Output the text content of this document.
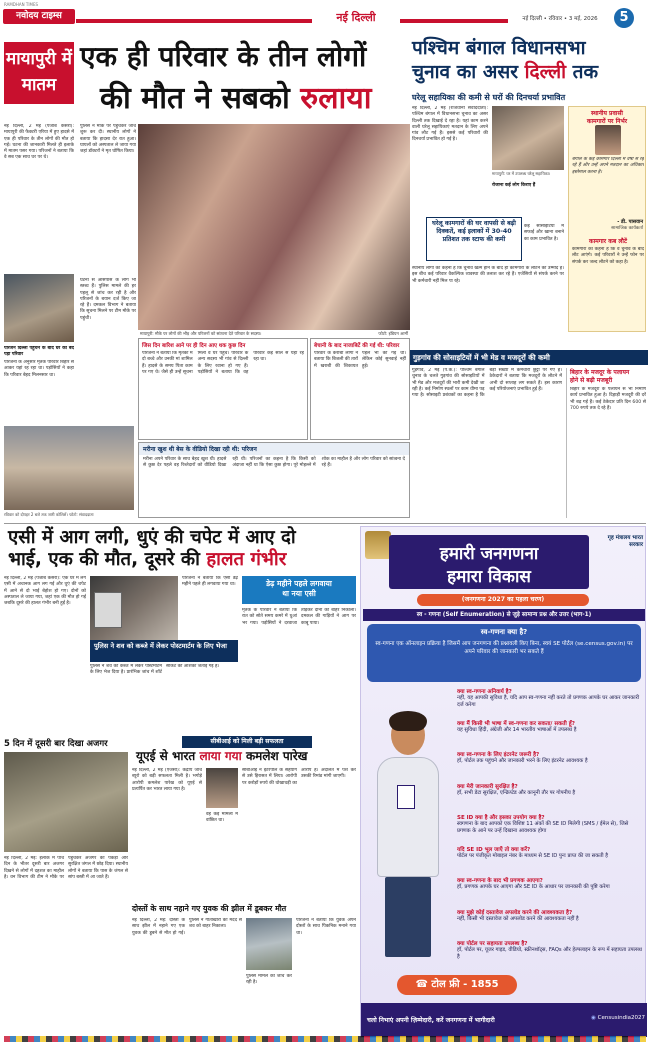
RAMDHAN TIMES
नवोदय टाइम्स	नई दिल्ली	नई दिल्ली • रविवार • 3 मई, 2026	5
मायापुरी में मातम
एक ही परिवार के तीन लोगों
की मौत ने सबको रुलाया
नई दिल्ली, 2 मई (पंजाब केसरी): मायापुरी की फैक्टरी एरिया में हुए हादसे में एक ही परिवार के तीन लोगों की मौत हो गई। घटना की जानकारी मिलते ही इलाके में मातम पसर गया। परिजनों ने बताया कि वे सब एक साथ घर पर थे।
पुलिस ने मौके पर पहुंचकर जांच शुरू कर दी। स्थानीय लोगों ने बताया कि हादसा देर रात हुआ। घायलों को अस्पताल ले जाया गया जहां डॉक्टरों ने मृत घोषित किया।
परिजन दिल्ली पहुंचने के बाद घर का बंद पड़ा परिवार
परिजनों के अनुसार मृतक परिवार बिहार से आकर यहां रह रहा था। पड़ोसियों ने कहा कि परिवार बेहद मिलनसार था।
मायापुरी: मौके पर लोगों की भीड़ और परिजनों को सांत्वना देते परिवार के सदस्य।	फोटो: इंडियन आर्मी
घटना से आसपास के लोग भी स्तब्ध हैं। पुलिस मामले की हर पहलू से जांच कर रही है और परिजनों के बयान दर्ज किए जा रहे हैं। दमकल विभाग ने बताया कि सूचना मिलने पर टीम मौके पर पहुंची।
जिस दिन बारिश आने पर ही दिन आए थक कुछ दिन
परिजनों ने बताया कि मृतकों में दो बच्चे और उनकी मां शामिल हैं। हादसे के समय पिता काम पर गए थे। जैसे ही उन्हें सूचना मिली वे घर पहुंचे। परिवार के अन्य सदस्य भी गांव से दिल्ली के लिए रवाना हो गए हैं। पड़ोसियों ने बताया कि वह परिवार कई साल से यहां रह रहा था।
बेचानी के बाद नाजाबिटें की गई थी: परिवार
परिवार के करीबी लोगों ने बताया कि बिजली की तारों में खराबी की शिकायत पहले भी की गई थी। लेकिन कोई सुनवाई नहीं हुई।
मरीना खुश थी बेस के वीडियो दिखा रही थी: परिजन
मरीना अपने परिवार के साथ बेहद खुश थी। हादसे से कुछ देर पहले वह रिश्तेदारों को वीडियो दिखा रही थी। परिजनों का कहना है कि किसी को अंदाजा नहीं था कि ऐसा कुछ होगा। पूरे मोहल्ले में शोक का माहौल है और लोग परिवार को सांत्वना दे रहे हैं।
रविवार को दोपहर 2 बजे तक जारी कोशिशें। फोटो: संवाददाता
पश्चिम बंगाल विधानसभा
चुनाव का असर दिल्ली तक
घरेलू सहायिका की कमी से घरों की दिनचर्या प्रभावित
नई दिल्ली, 2 मई (राजधानी संवाददाता): पश्चिम बंगाल में विधानसभा चुनाव का असर दिल्ली तक दिखाई दे रहा है। यहां काम करने वाली घरेलू सहायिकाएं मतदान के लिए अपने गांव लौट गई हैं। इससे कई परिवारों की दिनचर्या प्रभावित हो गई है।
मायापुरी: घर में उपलब्ध घरेलू सहायिका।
रोजाना कई लोग किराए हैं
घरेलू कामगारों की घर वापसी से बढ़ी दिक्कतें, कई इलाकों में 30-40 प्रतिशत तक स्टाफ की कमी
कई सोसाइटियों में सफाई और खाना बनाने का काम प्रभावित है।
स्थानीय लोगों का कहना है कि चुनाव खत्म होने के बाद ही कामगारों के लौटने की उम्मीद है। इस बीच कई परिवार वैकल्पिक व्यवस्था की तलाश कर रहे हैं। एजेंसियों से संपर्क करने पर भी कर्मचारी नहीं मिल पा रहे।
स्थानीय प्रवासी
कामगारों पर निर्भर
बंगाल के कई कामगार दिल्ली में वर्षों से रह रहे हैं और उन्हें अपने मतदान का अधिकार इस्तेमाल करना है।
- डी. पासवान
सामाजिक कार्यकर्ता
कामगार कब लौटें
कामगारों का कहना है कि वे चुनाव के बाद लौट आएंगे। कई परिवारों ने उन्हें फोन पर संपर्क कर जल्द लौटने को कहा है।
गुड़गांव की सोसाइटियों में भी मेड व मजदूरों की कमी
गुड़गांव, 2 मई (पं.के.): पश्चिम बंगाल चुनाव के चलते गुड़गांव की सोसाइटियों में भी मेड और मजदूरों की भारी कमी देखी जा रही है। कई निर्माण स्थलों पर काम धीमा पड़ गया है। सोसाइटी प्रबंधकों का कहना है कि बड़ी संख्या में कर्मचारी छुट्टी पर गए हैं। ठेकेदारों ने बताया कि मजदूरों के लौटने में अभी दो सप्ताह लग सकते हैं। इस कारण कई परियोजनाएं प्रभावित हुई हैं।
बिहार के मजदूर के पलायन
होने से बढ़ी मजबूरी
बिहार के मजदूरों के पलायन से भी निर्माण कार्य प्रभावित हुआ है। दिहाड़ी मजदूरी की दरें भी बढ़ गई हैं। कई ठेकेदार प्रति दिन 600 से 700 रुपये तक दे रहे हैं।
एसी में आग लगी, धुएं की चपेट में आए दो
भाई, एक की मौत, दूसरे की हालत गंभीर
नई दिल्ली, 2 मई (पंजाब केसरी): एक घर में लगे एसी में अचानक आग लग गई और धुएं की चपेट में आने से दो भाई बेहोश हो गए। दोनों को अस्पताल ले जाया गया, जहां एक की मौत हो गई जबकि दूसरे की हालत गंभीर बनी हुई है।
परिजनों ने बताया कि एसी डेढ़ महीने पहले ही लगवाया गया था।
पुलिस ने शव को कब्जे में लेकर पोस्टमार्टम के लिए भेजा
पुलिस ने शव को कब्जे में लेकर पोस्टमार्टम के लिए भेज दिया है। प्रारंभिक जांच में शॉर्ट सर्किट की आशंका जताई गई है।
डेढ़ महीने पहले लगवाया
था नया एसी
मृतक के परिवार ने बताया कि रात को सोते समय कमरे में धुआं भर गया। पड़ोसियों ने दरवाजा तोड़कर दोनों को बाहर निकाला। दमकल की गाड़ियों ने आग पर काबू पाया।
5 दिन में दूसरी बार दिखा अजगर
नई दिल्ली, 2 मई: इलाके में पांच दिन के भीतर दूसरी बार अजगर दिखने से लोगों में दहशत का माहौल है। वन विभाग की टीम ने मौके पर पहुंचकर अजगर को पकड़ा और सुरक्षित जंगल में छोड़ दिया। स्थानीय लोगों ने बताया कि पास के जंगल से सांप बस्ती में आ जाते हैं।
सीबीआई को मिली बड़ी सफलता
यूएई से भारत लाया गया कमलेश पारेख
नई दिल्ली, 2 मई (एजेंसी): केंद्रीय जांच ब्यूरो को बड़ी सफलता मिली है। भगोड़े आरोपी कमलेश पारेख को यूएई से प्रत्यर्पित कर भारत लाया गया है।
वह कई मामलों में वांछित था।
सीबीआई ने इंटरपोल के सहयोग से उसे हिरासत में लिया। आरोपी पर करोड़ों रुपये की धोखाधड़ी का आरोप है। अदालत में पेश कर उसकी रिमांड मांगी जाएगी।
दोस्तों के साथ नहाने गए युवक की झील में डूबकर मौत
नई दिल्ली, 2 मई: दोस्तों के साथ झील में नहाने गए एक युवक की डूबने से मौत हो गई। पुलिस ने गोताखोरों की मदद से शव को बाहर निकाला।
परिजनों ने बताया कि युवक अपने दोस्तों के साथ पिकनिक मनाने गया था।
पुलिस मामले की जांच कर रही है।
गृह मंत्रालय भारत सरकार
हमारी जनगणना
हमारा विकास
(जनगणना 2027 का पहला चरण)
स्व - गणना (Self Enumeration) से जुड़े सामान्य प्रश्न और उत्तर (भाग-1)
स्व-गणना क्या है?
स्व-गणना एक ऑनलाइन प्रक्रिया है जिसमें आप जनगणना की प्रश्नावली किए बिना, स्वयं SE पोर्टल (se.census.gov.in) पर अपने परिवार की जानकारी भर सकते हैं
क्या स्व-गणना अनिवार्य है?
नहीं, यह आपकी सुविधा है, यदि आप स्व-गणना नहीं करते तो प्रगणक आपके घर आकर जानकारी दर्ज करेगा
क्या मैं किसी भी भाषा में स्व-गणना कर सकता/ सकती हूँ?
यह सुविधा हिंदी, अंग्रेजी और 14 भारतीय भाषाओं में उपलब्ध है
क्या स्व-गणना के लिए इंटरनेट जरूरी है?
हाँ, पोर्टल तक पहुंचने और जानकारी भरने के लिए इंटरनेट आवश्यक है
क्या मेरी जानकारी सुरक्षित है?
हाँ, सभी डेटा सुरक्षित, एन्क्रिप्टेड और कानूनी तौर पर गोपनीय है
SE ID क्या है और इसका उपयोग क्या है?
स्वगणना के बाद आपको एक विशिष्ट 11 अंकों की SE ID मिलेगी (SMS / ईमेल से), जिसे प्रगणक के आने पर उन्हें दिखाना आवश्यक होगा
यदि SE ID भूल जाएँ तो क्या करें?
पोर्टल पर पंजीकृत मोबाइल नंबर के माध्यम से SE ID पुनः प्राप्त की जा सकती है
क्या स्व-गणना के बाद भी प्रगणक आएगा?
हाँ, प्रगणक आपके घर आएगा और SE ID के आधार पर जानकारी की पुष्टि करेगा
क्या मुझे कोई दस्तावेज अपलोड करने की आवश्यकता है?
नहीं, किसी भी दस्तावेज को अपलोड करने की आवश्यकता नहीं है
क्या पोर्टल पर सहायता उपलब्ध है?
हाँ, पोर्टल पर, यूजर गाइड, वीडियो, स्क्रीनशॉट्स, FAQs और हेल्पलाइन के रूप में सहायता उपलब्ध है
☎ टोल फ्री - 1855
चलो निभाएं अपनी ज़िम्मेदारी, करें जनगणना में भागीदारी	◉ Censusindia2027
